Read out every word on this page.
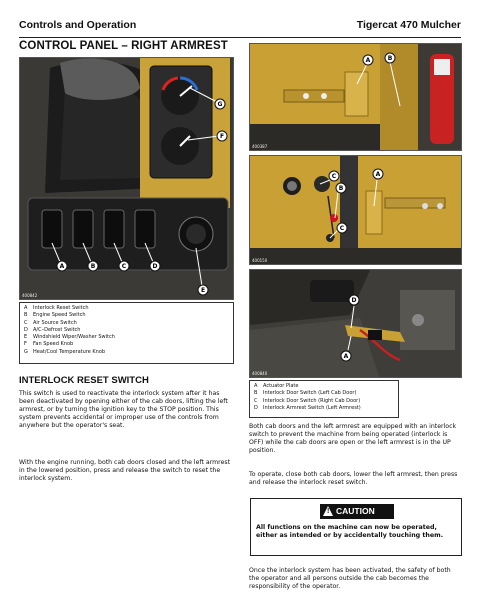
Controls and Operation	Tigercat 470 Mulcher
CONTROL PANEL – RIGHT ARMREST
A	B	C	D
E
G
F
400842
A	Interlock Reset Switch
B	Engine Speed Switch
C	Air Source Switch
D	A/C–Defrost Switch
E	Windshield Wiper/Washer Switch
F	Fan Speed Knob
G	Heat/Cool Temperature Knob
INTERLOCK RESET SWITCH
This switch is used to reactivate the interlock system after it has been deactivated by opening either of the cab doors, lifting the left armrest, or by turning the ignition key to the STOP position. This system prevents accidental or improper use of the controls from anywhere but the operator's seat.
With the engine running, both cab doors closed and the left armrest in the lowered position, press and release the switch to reset the interlock system.
A	B
400387
C
B
C
A
400150
D
A
400840
A	Actuator Plate
B	Interlock Door Switch (Left Cab Door)
C	Interlock Door Switch (Right Cab Door)
D	Interlock Armrest Switch (Left Armrest)
Both cab doors and the left armrest are equipped with an interlock switch to prevent the machine from being operated (interlock is OFF) while the cab doors are open or the left armrest is in the UP position.
To operate, close both cab doors, lower the left armrest, then press and release the interlock reset switch.
! CAUTION
All functions on the machine can now be operated, either as intended or by accidentally touching them.
Once the interlock system has been activated, the safety of both the operator and all persons outside the cab becomes the responsibility of the operator.
